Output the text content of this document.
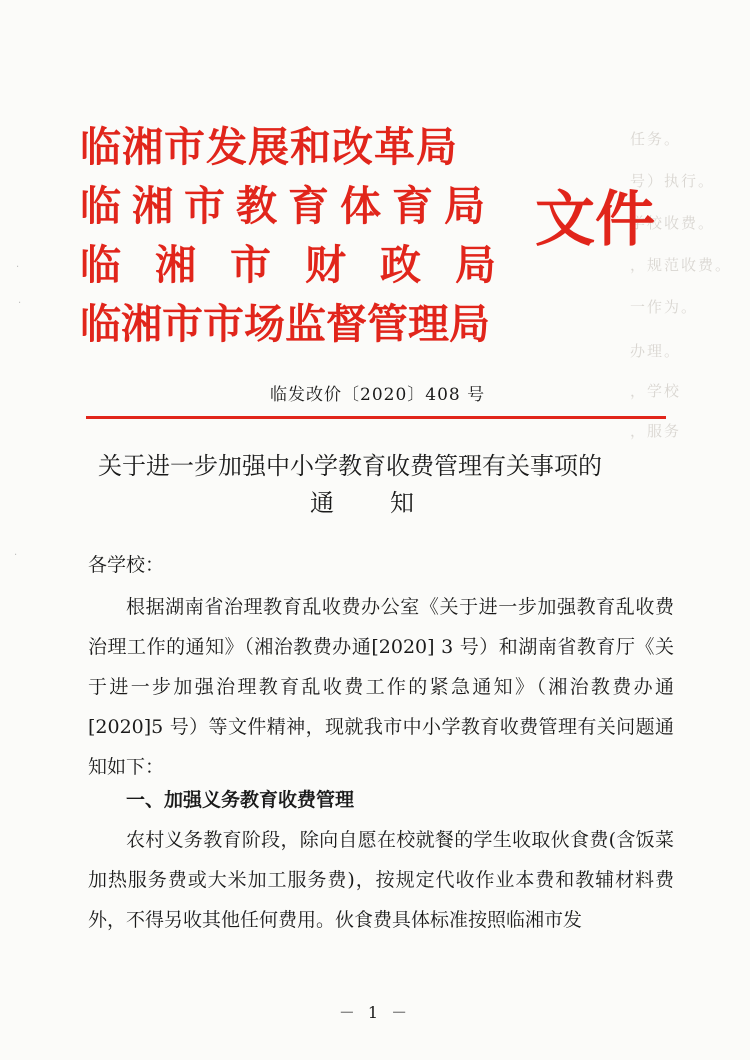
任务。
号）执行。
学校收费。
，规范收费。
一作为。
办理。
，学校
，服务
临湘市发展和改革局
临湘市教育体育局
临湘市财政局
临湘市市场监督管理局
文件
临发改价〔2020〕408 号
关于进一步加强中小学教育收费管理有关事项的
通知
各学校：
根据湖南省治理教育乱收费办公室《关于进一步加强教育乱收费治理工作的通知》（湘治教费办通[2020] 3 号）和湖南省教育厅《关于进一步加强治理教育乱收费工作的紧急通知》（湘治教费办通[2020]5 号）等文件精神，现就我市中小学教育收费管理有关问题通知如下：
一、加强义务教育收费管理
农村义务教育阶段，除向自愿在校就餐的学生收取伙食费(含饭菜加热服务费或大米加工服务费)，按规定代收作业本费和教辅材料费外，不得另收其他任何费用。伙食费具体标准按照临湘市发
－ 1 －
‧
‧
‧
